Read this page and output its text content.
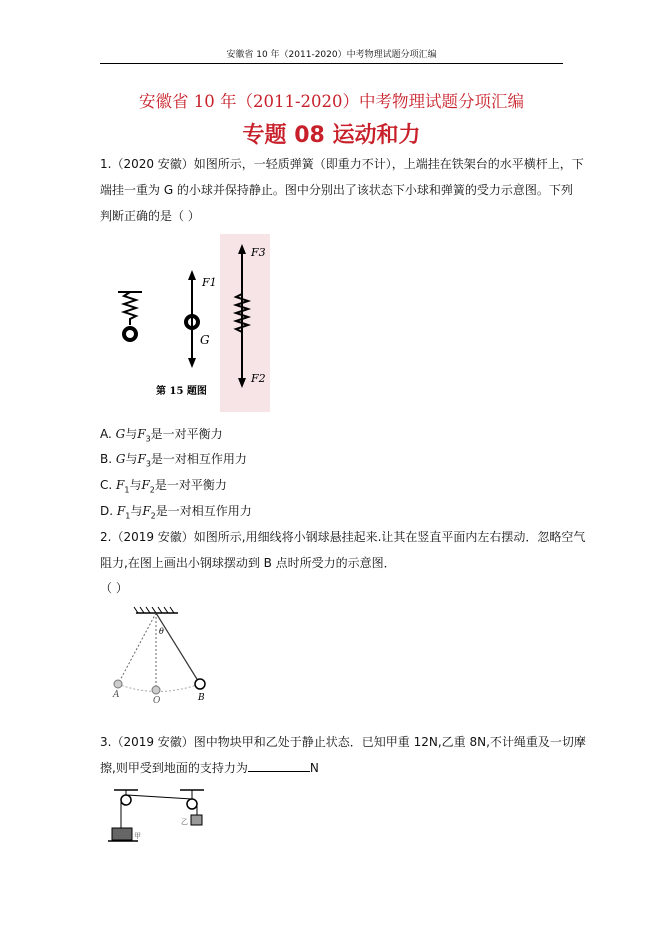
安徽省 10 年（2011-2020）中考物理试题分项汇编
安徽省 10 年（2011-2020）中考物理试题分项汇编
专题 08 运动和力
1.（2020 安徽）如图所示，一轻质弹簧（即重力不计），上端挂在铁架台的水平横杆上，下
端挂一重为 G 的小球并保持静止。图中分别出了该状态下小球和弹簧的受力示意图。下列
判断正确的是（ ）
F1
G
F3
F2
第 15 题图
A. G与$F_3$是一对平衡力
B. G与$F_3$是一对相互作用力
C. $F_1$与$F_2$是一对平衡力
D. $F_1$与$F_2$是一对相互作用力
2.（2019 安徽）如图所示,用细线将小钢球悬挂起来.让其在竖直平面内左右摆动．忽略空气
阻力,在图上画出小钢球摆动到 B 点时所受力的示意图．
（ ）
θ
A
O	B
3.（2019 安徽）图中物块甲和乙处于静止状态．已知甲重 12N,乙重 8N,不计绳重及一切摩
擦,则甲受到地面的支持力为	N
甲
乙
